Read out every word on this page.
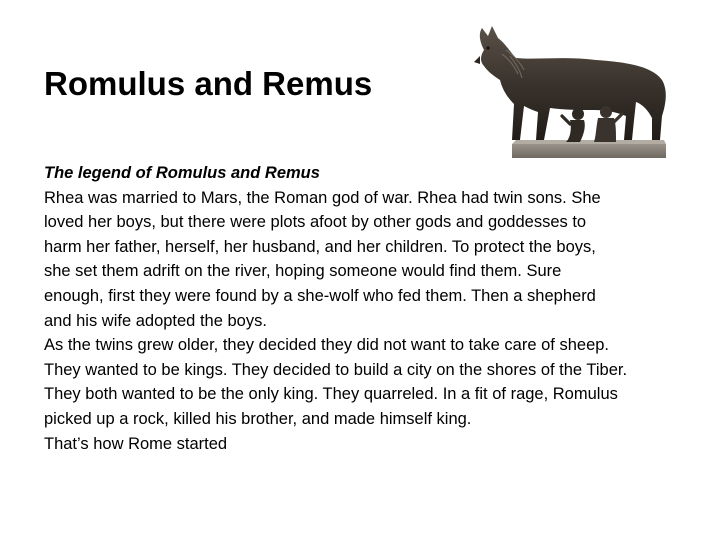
Romulus and Remus

The legend of Romulus and Remus

Rhea was married to Mars, the Roman god of war. Rhea had twin sons. She

loved her boys, but there were plots afoot by other gods and goddesses to

harm her father, herself, her husband, and her children. To protect the boys,

she set them adrift on the river, hoping someone would find them. Sure

enough, first they were found by a she-wolf who fed them. Then a shepherd

and his wife adopted the boys.

As the twins grew older, they decided they did not want to take care of sheep.

They wanted to be kings. They decided to build a city on the shores of the Tiber.

They both wanted to be the only king. They quarreled. In a fit of rage, Romulus

picked up a rock, killed his brother, and made himself king.

That’s how Rome started
